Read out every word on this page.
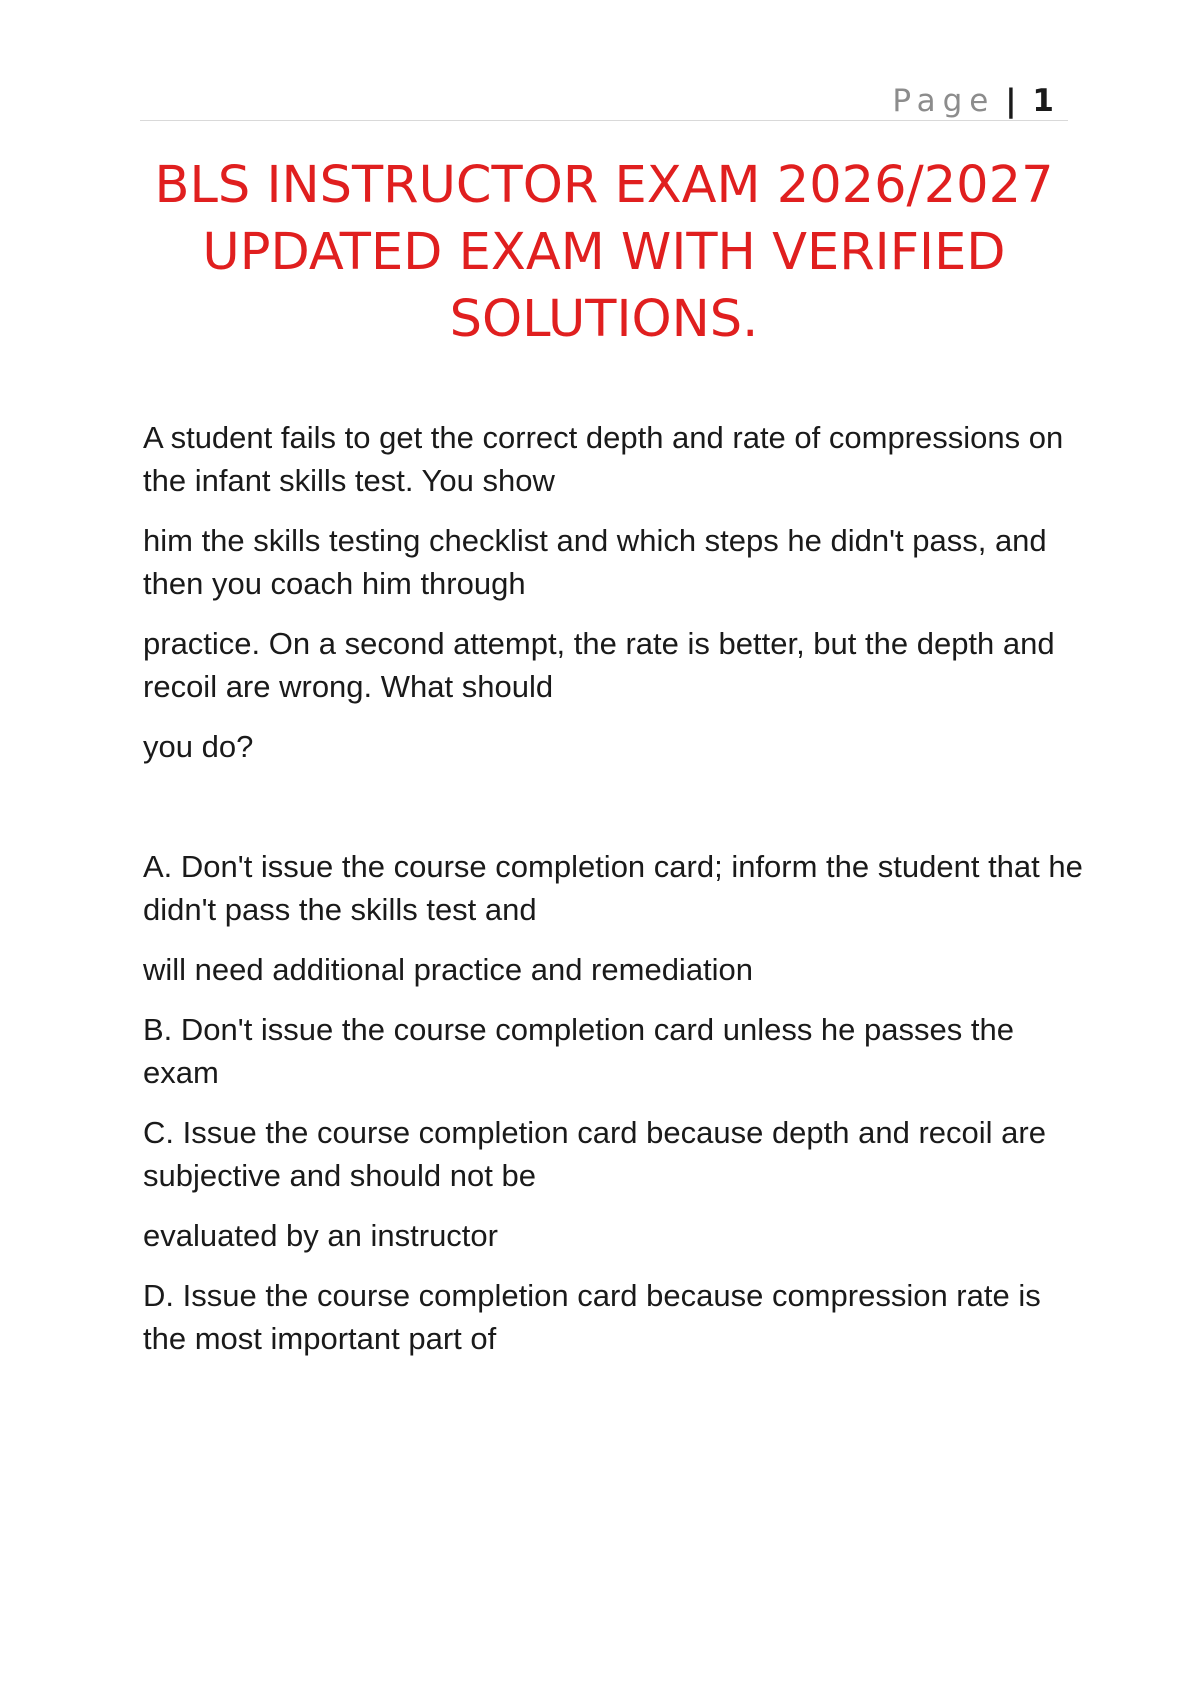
Page | 1
BLS INSTRUCTOR EXAM 2026/2027 UPDATED EXAM WITH VERIFIED SOLUTIONS.

A student fails to get the correct depth and rate of compressions on the infant skills test. You show

him the skills testing checklist and which steps he didn't pass, and then you coach him through

practice. On a second attempt, the rate is better, but the depth and recoil are wrong. What should

you do?

A. Don't issue the course completion card; inform the student that he didn't pass the skills test and

will need additional practice and remediation

B. Don't issue the course completion card unless he passes the exam

C. Issue the course completion card because depth and recoil are subjective and should not be

evaluated by an instructor

D. Issue the course completion card because compression rate is the most important part of
